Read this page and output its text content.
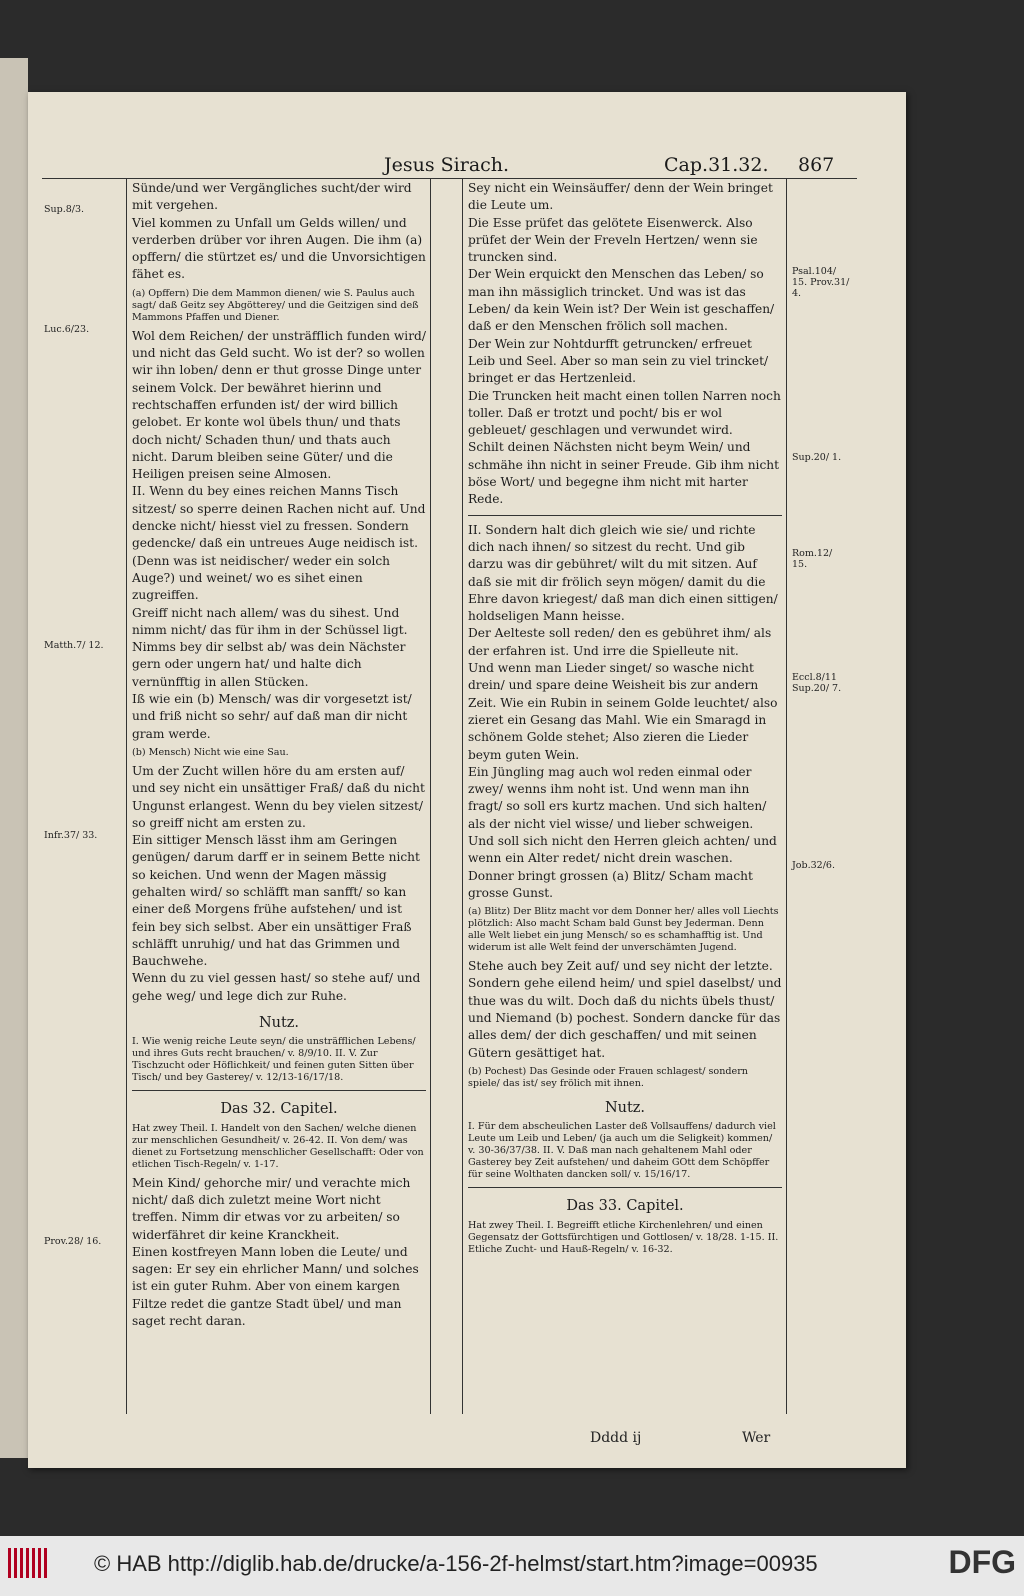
Jesus Sirach.	Cap.31.32. 867
Sup.8/3.
Luc.6/23.
Matth.7/ 12.
Infr.37/ 33.
Prov.28/ 16.
Psal.104/ 15. Prov.31/ 4.
Sup.20/ 1.
Rom.12/ 15.
Eccl.8/11 Sup.20/ 7.
Job.32/6.

Sünde/und wer Vergängliches sucht/der wird mit vergehen.

Viel kommen zu Unfall um Gelds willen/ und verderben drüber vor ihren Augen. Die ihm (a) opffern/ die stürtzet es/ und die Unvorsichtigen fähet es.

(a) Opffern) Die dem Mammon dienen/ wie S. Paulus auch sagt/ daß Geitz sey Abgötterey/ und die Geitzigen sind deß Mammons Pfaffen und Diener.

Wol dem Reichen/ der unsträfflich funden wird/ und nicht das Geld sucht. Wo ist der? so wollen wir ihn loben/ denn er thut grosse Dinge unter seinem Volck. Der bewähret hierinn und rechtschaffen erfunden ist/ der wird billich gelobet. Er konte wol übels thun/ und thats doch nicht/ Schaden thun/ und thats auch nicht. Darum bleiben seine Güter/ und die Heiligen preisen seine Almosen.

II. Wenn du bey eines reichen Manns Tisch sitzest/ so sperre deinen Rachen nicht auf. Und dencke nicht/ hiesst viel zu fressen. Sondern gedencke/ daß ein untreues Auge neidisch ist. (Denn was ist neidischer/ weder ein solch Auge?) und weinet/ wo es sihet einen zugreiffen.

Greiff nicht nach allem/ was du sihest. Und nimm nicht/ das für ihm in der Schüssel ligt. Nimms bey dir selbst ab/ was dein Nächster gern oder ungern hat/ und halte dich vernünfftig in allen Stücken.

Iß wie ein (b) Mensch/ was dir vorgesetzt ist/ und friß nicht so sehr/ auf daß man dir nicht gram werde.

(b) Mensch) Nicht wie eine Sau.

Um der Zucht willen höre du am ersten auf/ und sey nicht ein unsättiger Fraß/ daß du nicht Ungunst erlangest. Wenn du bey vielen sitzest/ so greiff nicht am ersten zu.

Ein sittiger Mensch lässt ihm am Geringen genügen/ darum darff er in seinem Bette nicht so keichen. Und wenn der Magen mässig gehalten wird/ so schläfft man sanfft/ so kan einer deß Morgens frühe aufstehen/ und ist fein bey sich selbst. Aber ein unsättiger Fraß schläfft unruhig/ und hat das Grimmen und Bauchwehe.

Wenn du zu viel gessen hast/ so stehe auf/ und gehe weg/ und lege dich zur Ruhe.

Nutz.

I. Wie wenig reiche Leute seyn/ die unsträfflichen Lebens/ und ihres Guts recht brauchen/ v. 8/9/10. II. V. Zur Tischzucht oder Höflichkeit/ und feinen guten Sitten über Tisch/ und bey Gasterey/ v. 12/13-16/17/18.

Das 32. Capitel.

Hat zwey Theil. I. Handelt von den Sachen/ welche dienen zur menschlichen Gesundheit/ v. 26-42. II. Von dem/ was dienet zu Fortsetzung menschlicher Gesellschafft: Oder von etlichen Tisch-Regeln/ v. 1-17.

Mein Kind/ gehorche mir/ und verachte mich nicht/ daß dich zuletzt meine Wort nicht treffen. Nimm dir etwas vor zu arbeiten/ so widerfähret dir keine Kranckheit.

Einen kostfreyen Mann loben die Leute/ und sagen: Er sey ein ehrlicher Mann/ und solches ist ein guter Ruhm. Aber von einem kargen Filtze redet die gantze Stadt übel/ und man saget recht daran.

Sey nicht ein Weinsäuffer/ denn der Wein bringet die Leute um.

Die Esse prüfet das gelötete Eisenwerck. Also prüfet der Wein der Freveln Hertzen/ wenn sie truncken sind.

Der Wein erquickt den Menschen das Leben/ so man ihn mässiglich trincket. Und was ist das Leben/ da kein Wein ist? Der Wein ist geschaffen/ daß er den Menschen frölich soll machen.

Der Wein zur Nohtdurfft getruncken/ erfreuet Leib und Seel. Aber so man sein zu viel trincket/ bringet er das Hertzenleid.

Die Truncken heit macht einen tollen Narren noch toller. Daß er trotzt und pocht/ bis er wol gebleuet/ geschlagen und verwundet wird.

Schilt deinen Nächsten nicht beym Wein/ und schmähe ihn nicht in seiner Freude. Gib ihm nicht böse Wort/ und begegne ihm nicht mit harter Rede.

II. Sondern halt dich gleich wie sie/ und richte dich nach ihnen/ so sitzest du recht. Und gib darzu was dir gebühret/ wilt du mit sitzen. Auf daß sie mit dir frölich seyn mögen/ damit du die Ehre davon kriegest/ daß man dich einen sittigen/ holdseligen Mann heisse.

Der Aelteste soll reden/ den es gebühret ihm/ als der erfahren ist. Und irre die Spielleute nit.

Und wenn man Lieder singet/ so wasche nicht drein/ und spare deine Weisheit bis zur andern Zeit. Wie ein Rubin in seinem Golde leuchtet/ also zieret ein Gesang das Mahl. Wie ein Smaragd in schönem Golde stehet; Also zieren die Lieder beym guten Wein.

Ein Jüngling mag auch wol reden einmal oder zwey/ wenns ihm noht ist. Und wenn man ihn fragt/ so soll ers kurtz machen. Und sich halten/ als der nicht viel wisse/ und lieber schweigen. Und soll sich nicht den Herren gleich achten/ und wenn ein Alter redet/ nicht drein waschen. Donner bringt grossen (a) Blitz/ Scham macht grosse Gunst.

(a) Blitz) Der Blitz macht vor dem Donner her/ alles voll Liechts plötzlich: Also macht Scham bald Gunst bey Jederman. Denn alle Welt liebet ein jung Mensch/ so es schamhafftig ist. Und widerum ist alle Welt feind der unverschämten Jugend.

Stehe auch bey Zeit auf/ und sey nicht der letzte. Sondern gehe eilend heim/ und spiel daselbst/ und thue was du wilt. Doch daß du nichts übels thust/ und Niemand (b) pochest. Sondern dancke für das alles dem/ der dich geschaffen/ und mit seinen Gütern gesättiget hat.

(b) Pochest) Das Gesinde oder Frauen schlagest/ sondern spiele/ das ist/ sey frölich mit ihnen.

Nutz.

I. Für dem abscheulichen Laster deß Vollsauffens/ dadurch viel Leute um Leib und Leben/ (ja auch um die Seligkeit) kommen/ v. 30-36/37/38. II. V. Daß man nach gehaltenem Mahl oder Gasterey bey Zeit aufstehen/ und daheim GOtt dem Schöpffer für seine Wolthaten dancken soll/ v. 15/16/17.

Das 33. Capitel.

Hat zwey Theil. I. Begreifft etliche Kirchenlehren/ und einen Gegensatz der Gottsfürchtigen und Gottlosen/ v. 18/28. 1-15. II. Etliche Zucht- und Hauß-Regeln/ v. 16-32.

Dddd ij	Wer
© HAB http://diglib.hab.de/drucke/a-156-2f-helmst/start.htm?image=00935	DFG
